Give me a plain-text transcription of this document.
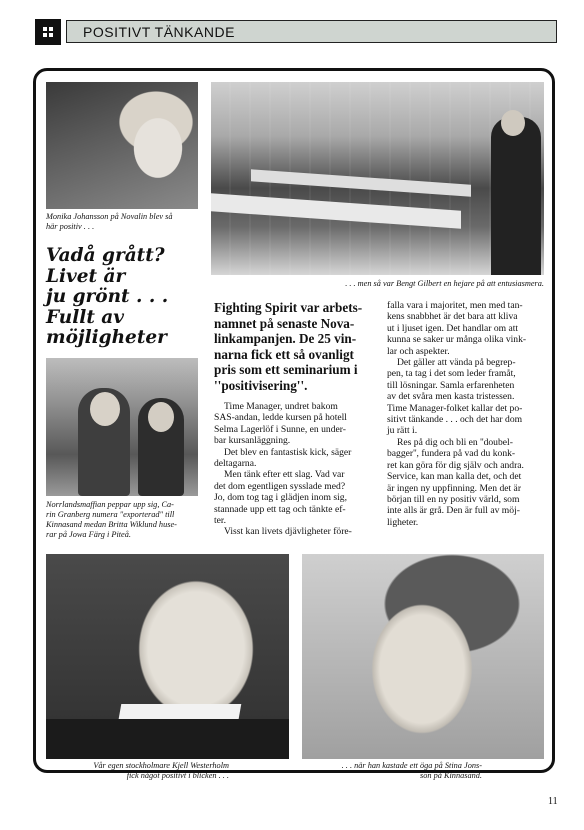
POSITIVT TÄNKANDE
Monika Johansson på Novalin blev så
här positiv . . .
. . . men så var Bengt Gilbert en hejare på att entusiasmera.
Norrlandsmaffian peppar upp sig, Ca-
rin Granberg numera "exporterad" till
Kinnasand medan Britta Wiklund huse-
rar på Jowa Färg i Piteå.
Vår egen stockholmare Kjell Westerholm
fick något positivt i blicken . . .
. . . när han kastade ett öga på Stina Jons-
son på Kinnasand.
Vadå grått?
Livet är
ju grönt . . .
Fullt av
möjligheter
Fighting Spirit var arbets-
namnet på senaste Nova-
linkampanjen. De 25 vin-
narna fick ett så ovanligt
pris som ett seminarium i
''positivisering''.
Time Manager, undret bakom
SAS-andan, ledde kursen på hotell
Selma Lagerlöf i Sunne, en under-
bar kursanläggning.
Det blev en fantastisk kick, säger
deltagarna.
Men tänk efter ett slag. Vad var
det dom egentligen sysslade med?
Jo, dom tog tag i glädjen inom sig,
stannade upp ett tag och tänkte ef-
ter.
Visst kan livets djävligheter före-
falla vara i majoritet, men med tan-
kens snabbhet är det bara att kliva
ut i ljuset igen. Det handlar om att
kunna se saker ur många olika vink-
lar och aspekter.
Det gäller att vända på begrep-
pen, ta tag i det som leder framåt,
till lösningar. Samla erfarenheten
av det svåra men kasta tristessen.
Time Manager-folket kallar det po-
sitivt tänkande . . . och det har dom
ju rätt i.
Res på dig och bli en ''doubel-
bagger'', fundera på vad du konk-
ret kan göra för dig själv och andra.
Service, kan man kalla det, och det
är ingen ny uppfinning. Men det är
början till en ny positiv värld, som
inte alls är grå. Den är full av möj-
ligheter.
11
